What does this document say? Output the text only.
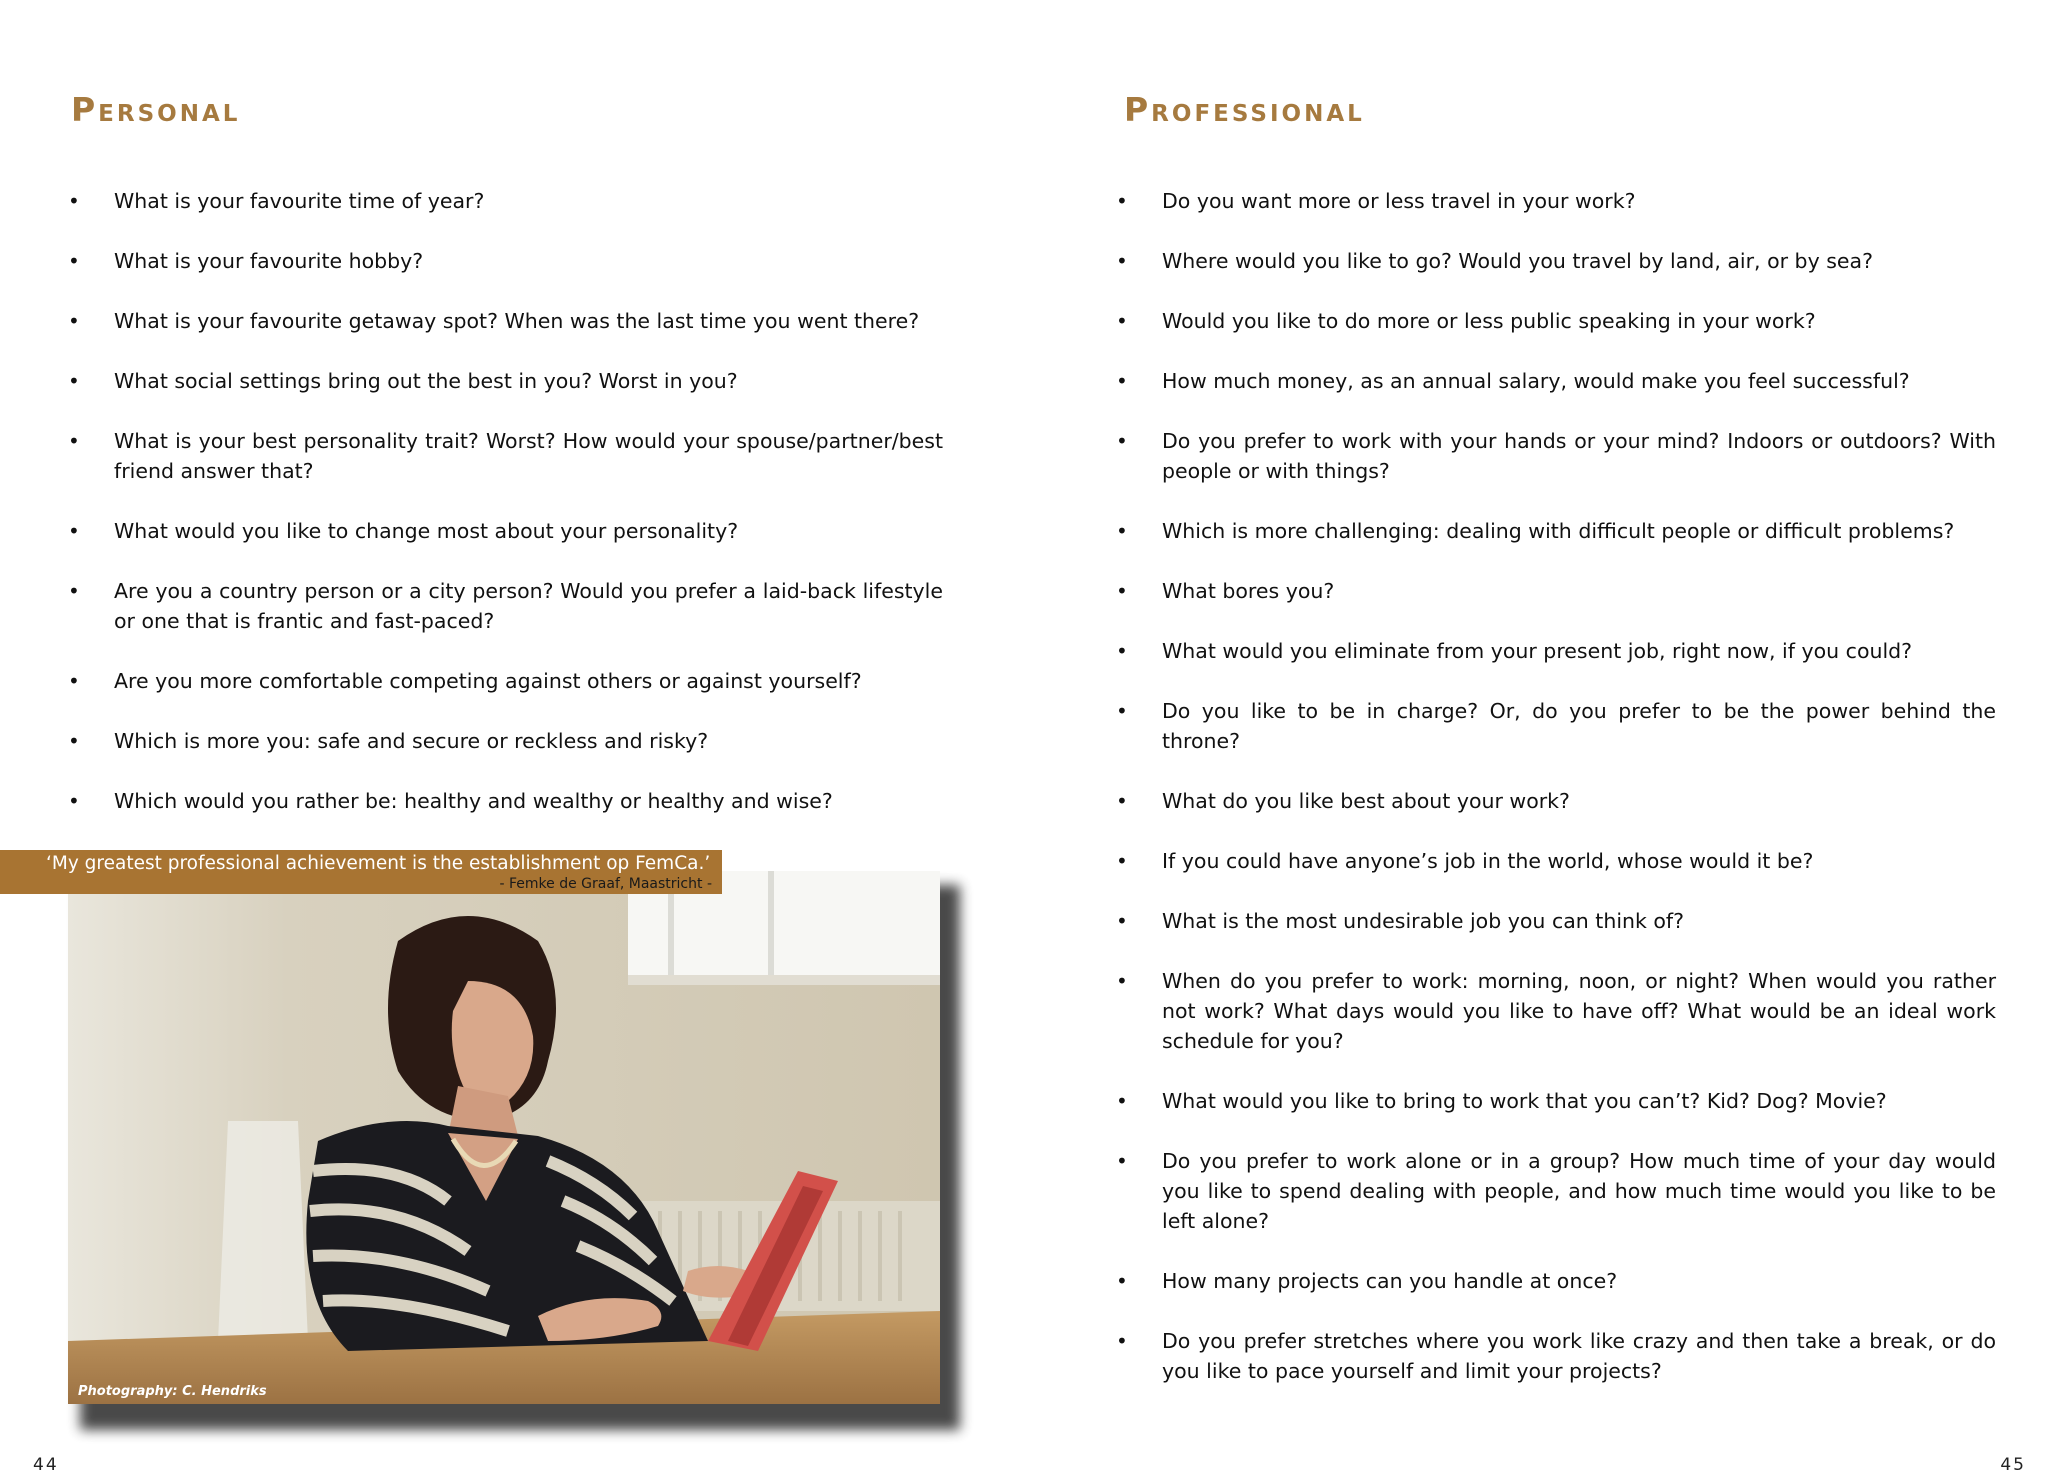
Personal
•	What is your favourite time of year?
•	What is your favourite hobby?
•	What is your favourite getaway spot? When was the last time you went there?
•	What social settings bring out the best in you? Worst in you?
•	What is your best personality trait? Worst? How would your spouse/partner/best friend answer that?
•	What would you like to change most about your personality?
•	Are you a country person or a city person? Would you prefer a laid-back lifestyle or one that is frantic and fast-paced?
•	Are you more comfortable competing against others or against yourself?
•	Which is more you: safe and secure or reckless and risky?
•	Which would you rather be: healthy and wealthy or healthy and wise?
Photography: C. Hendriks
‘My greatest professional achievement is the establishment op FemCa.’
- Femke de Graaf, Maastricht -
44
Professional
•	Do you want more or less travel in your work?
•	Where would you like to go? Would you travel by land, air, or by sea?
•	Would you like to do more or less public speaking in your work?
•	How much money, as an annual salary, would make you feel successful?
•	Do you prefer to work with your hands or your mind? Indoors or outdoors? With people or with things?
•	Which is more challenging: dealing with difficult people or difficult problems?
•	What bores you?
•	What would you eliminate from your present job, right now, if you could?
•	Do you like to be in charge? Or, do you prefer to be the power behind the throne?
•	What do you like best about your work?
•	If you could have anyone’s job in the world, whose would it be?
•	What is the most undesirable job you can think of?
•	When do you prefer to work: morning, noon, or night? When would you rather not work? What days would you like to have off? What would be an ideal work schedule for you?
•	What would you like to bring to work that you can’t? Kid? Dog? Movie?
•	Do you prefer to work alone or in a group? How much time of your day would you like to spend dealing with people, and how much time would you like to be left alone?
•	How many projects can you handle at once?
•	Do you prefer stretches where you work like crazy and then take a break, or do you like to pace yourself and limit your projects?
45
